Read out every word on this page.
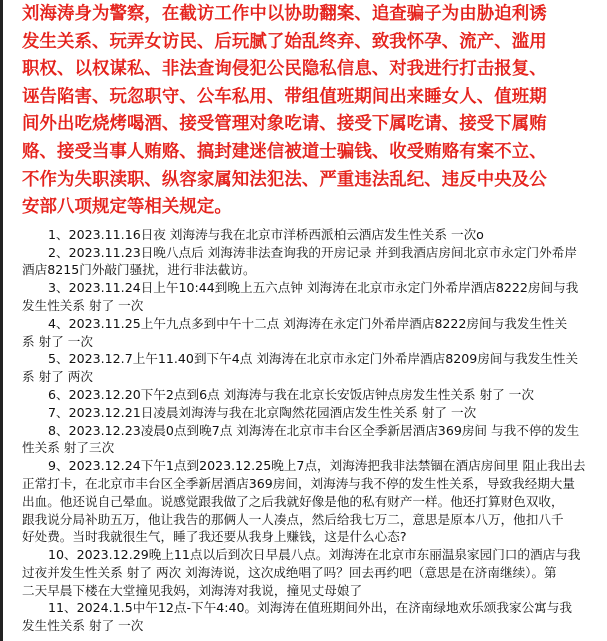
刘海涛身为警察，在截访工作中以协助翻案、追查骗子为由胁迫利诱
发生关系、玩弄女访民、后玩腻了始乱终弃、致我怀孕、流产、滥用
职权、以权谋私、非法查询侵犯公民隐私信息、对我进行打击报复、
诬告陷害、玩忽职守、公车私用、带组值班期间出来睡女人、值班期
间外出吃烧烤喝酒、接受管理对象吃请、接受下属吃请、接受下属贿
赂、接受当事人贿赂、搞封建迷信被道士骗钱、收受贿赂有案不立、
不作为失职渎职、纵容家属知法犯法、严重违法乱纪、违反中央及公
安部八项规定等相关规定。
1、2023.11.16日夜 刘海涛与我在北京市洋桥西派柏云酒店发生性关系 一次o
2、2023.11.23日晚八点后 刘海涛非法查询我的开房记录 并到我酒店房间北京市永定门外希岸
酒店8215门外敲门骚扰，进行非法截访。
3、2023.11.24日上午10:44到晚上五六点钟 刘海涛在北京市永定门外希岸酒店8222房间与我
发生性关系 射了 一次
4、2023.11.25上午九点多到中午十二点 刘海涛在永定门外希岸酒店8222房间与我发生性关
系 射了 一次
5、2023.12.7上午11.40到下午4点 刘海涛在北京市永定门外希岸酒店8209房间与我发生性关
系 射了 两次
6、2023.12.20下午2点到6点 刘海涛与我在北京长安饭店钟点房发生性关系 射了 一次
7、2023.12.21日凌晨刘海涛与我在北京陶然花园酒店发生性关系 射了 一次
8、2023.12.23凌晨0点到晚7点 刘海涛在北京市丰台区全季新居酒店369房间 与我不停的发生
性关系 射了三次
9、2023.12.24下午1点到2023.12.25晚上7点，刘海涛把我非法禁锢在酒店房间里 阻止我出去
正常打卡，在北京市丰台区全季新居酒店369房间，刘海涛与我不停的发生性关系，导致我经期大量
出血。他还说自己晕血。说感觉跟我做了之后我就好像是他的私有财产一样。他还打算财色双收，
跟我说分局补助五万，他让我告的那俩人一人凑点，然后给我七万二，意思是原本八万，他扣八千
好处费。当时我就很生气，睡了我还要从我身上赚钱，这是什么心态?
10、2023.12.29晚上11点以后到次日早晨八点。刘海涛在北京市东丽温泉家园门口的酒店与我
过夜并发生性关系 射了 两次 刘海涛说，这次成绝唱了吗？回去再约吧（意思是在济南继续）。第
二天早晨下楼在大堂撞见我妈，刘海涛对我说，撞见丈母娘了
11、2024.1.5中午12点-下午4:40。刘海涛在值班期间外出，在济南绿地欢乐颂我家公寓与我
发生性关系 射了 一次
